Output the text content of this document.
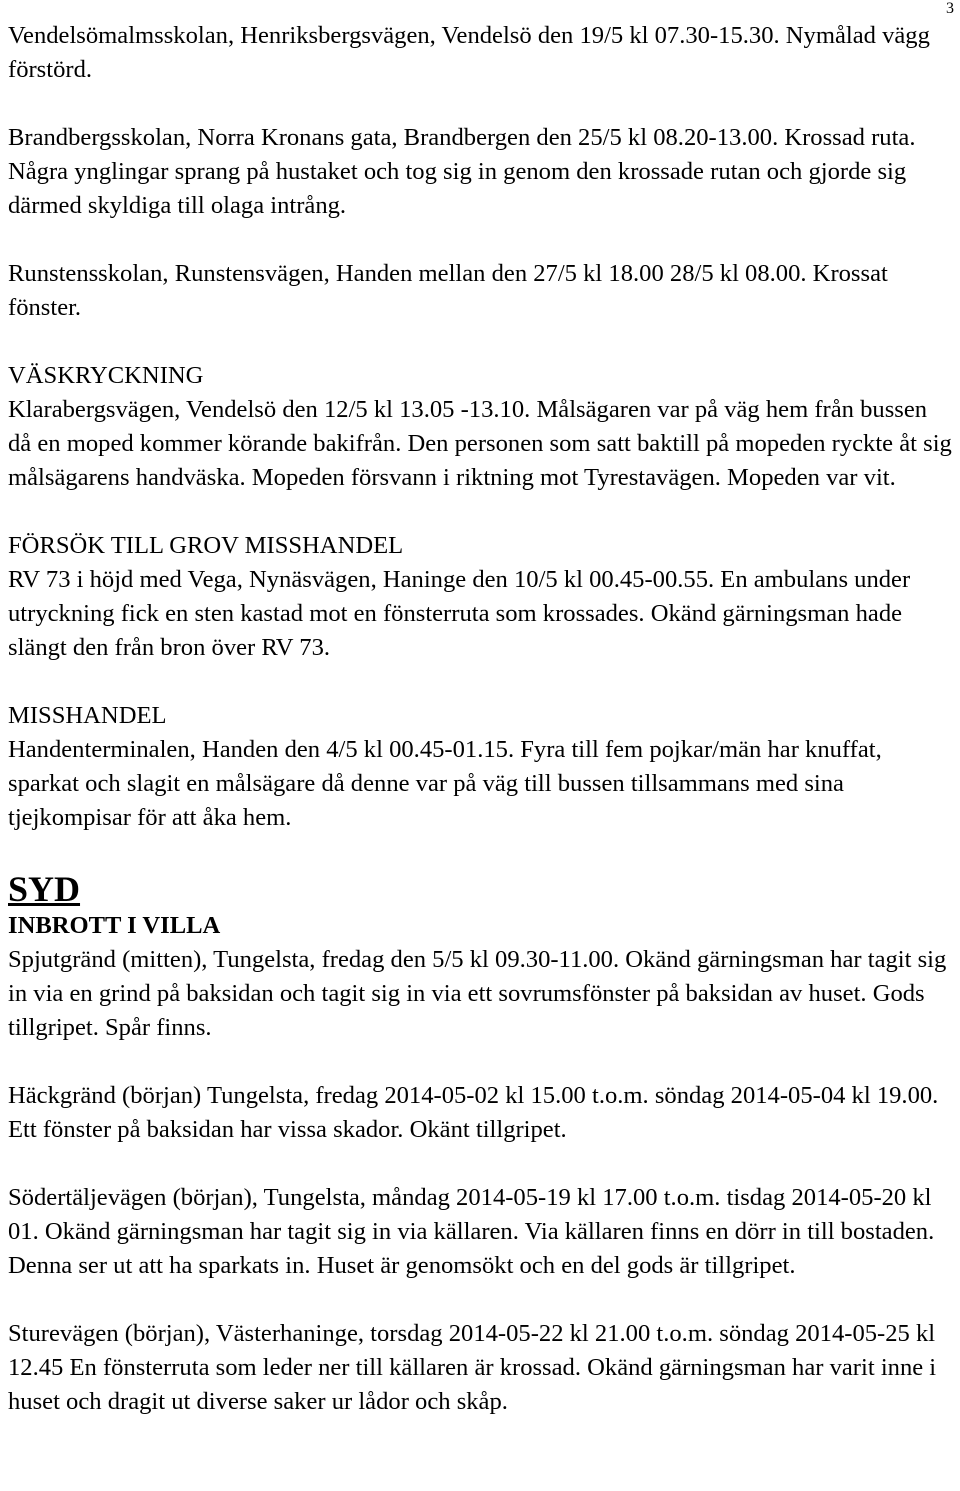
3

Vendelsömalmsskolan, Henriksbergsvägen, Vendelsö den 19/5 kl 07.30-15.30. Nymålad vägg förstörd.

Brandbergsskolan, Norra Kronans gata, Brandbergen den 25/5 kl 08.20-13.00. Krossad ruta. Några ynglingar sprang på hustaket och tog sig in genom den krossade rutan och gjorde sig därmed skyldiga till olaga intrång.

Runstensskolan, Runstensvägen, Handen mellan den 27/5 kl 18.00 28/5 kl 08.00. Krossat fönster.

VÄSKRYCKNING
Klarabergsvägen, Vendelsö den 12/5 kl 13.05 -13.10. Målsägaren var på väg hem från bussen då en moped kommer körande bakifrån. Den personen som satt baktill på mopeden ryckte åt sig målsägarens handväska. Mopeden försvann i riktning mot Tyrestavägen. Mopeden var vit.
FÖRSÖK TILL GROV MISSHANDEL
RV 73 i höjd med Vega, Nynäsvägen, Haninge den 10/5 kl 00.45-00.55. En ambulans under utryckning fick en sten kastad mot en fönsterruta som krossades. Okänd gärningsman hade slängt den från bron över RV 73.
MISSHANDEL
Handenterminalen, Handen den 4/5 kl 00.45-01.15. Fyra till fem pojkar/män har knuffat, sparkat och slagit en målsägare då denne var på väg till bussen tillsammans med sina tjejkompisar för att åka hem.
SYD
INBROTT I VILLA

Spjutgränd (mitten), Tungelsta, fredag den 5/5 kl 09.30-11.00. Okänd gärningsman har tagit sig in via en grind på baksidan och tagit sig in via ett sovrumsfönster på baksidan av huset. Gods tillgripet. Spår finns.

Häckgränd (början) Tungelsta, fredag 2014-05-02 kl 15.00 t.o.m. söndag 2014-05-04 kl 19.00. Ett fönster på baksidan har vissa skador. Okänt tillgripet.

Södertäljevägen (början), Tungelsta, måndag 2014-05-19 kl 17.00 t.o.m. tisdag 2014-05-20 kl 01. Okänd gärningsman har tagit sig in via källaren. Via källaren finns en dörr in till bostaden. Denna ser ut att ha sparkats in. Huset är genomsökt och en del gods är tillgripet.

Sturevägen (början), Västerhaninge, torsdag 2014-05-22 kl 21.00 t.o.m. söndag 2014-05-25 kl 12.45 En fönsterruta som leder ner till källaren är krossad. Okänd gärningsman har varit inne i huset och dragit ut diverse saker ur lådor och skåp.
